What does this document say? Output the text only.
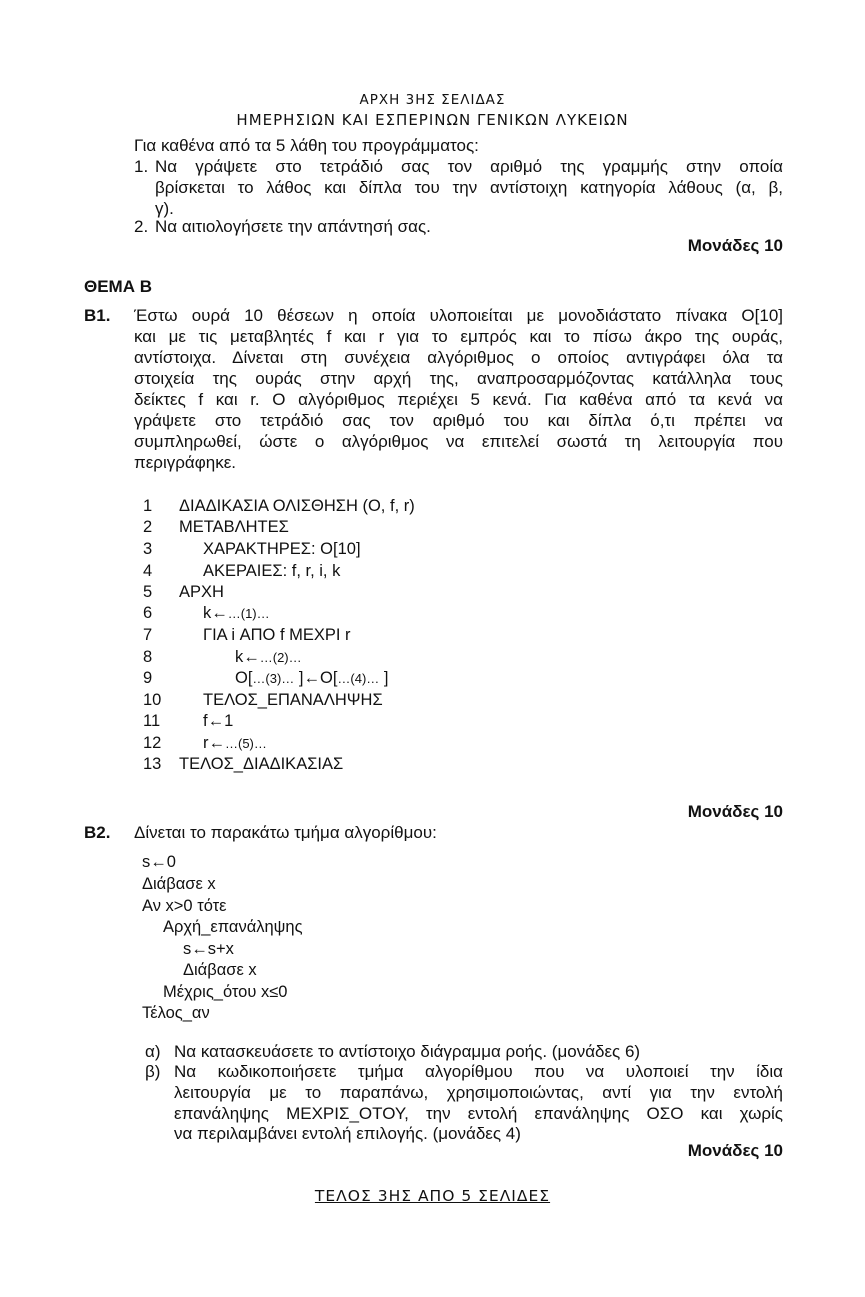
ΑΡΧΗ 3ΗΣ ΣΕΛΙΔΑΣ
ΗΜΕΡΗΣΙΩΝ ΚΑΙ ΕΣΠΕΡΙΝΩΝ ΓΕΝΙΚΩΝ ΛΥΚΕΙΩΝ
Για καθένα από τα 5 λάθη του προγράμματος:
1. Να γράψετε στο τετράδιό σας τον αριθμό της γραμμής στην οποία
βρίσκεται το λάθος και δίπλα του την αντίστοιχη κατηγορία λάθους (α, β,
γ).
2. Να αιτιολογήσετε την απάντησή σας.
Μονάδες 10
ΘΕΜΑ Β
Β1. Έστω ουρά 10 θέσεων η οποία υλοποιείται με μονοδιάστατο πίνακα Ο[10]
και με τις μεταβλητές f και r για το εμπρός και το πίσω άκρο της ουράς,
αντίστοιχα. Δίνεται στη συνέχεια αλγόριθμος ο οποίος αντιγράφει όλα τα
στοιχεία της ουράς στην αρχή της, αναπροσαρμόζοντας κατάλληλα τους
δείκτες f και r. Ο αλγόριθμος περιέχει 5 κενά. Για καθένα από τα κενά να
γράψετε στο τετράδιό σας τον αριθμό του και δίπλα ό,τι πρέπει να
συμπληρωθεί, ώστε ο αλγόριθμος να επιτελεί σωστά τη λειτουργία που
περιγράφηκε.
1 ΔΙΑΔΙΚΑΣΙΑ ΟΛΙΣΘΗΣΗ (Ο, f, r)
2 ΜΕΤΑΒΛΗΤΕΣ
3	ΧΑΡΑΚΤΗΡΕΣ: Ο[10]
4	ΑΚΕΡΑΙΕΣ: f, r, i, k
5 ΑΡΧΗ
6	k←…(1)…
7	ΓΙΑ i ΑΠΟ f ΜΕΧΡΙ r
8	k←…(2)…
9	O[…(3)… ]←O[…(4)… ]
10	ΤΕΛΟΣ_ΕΠΑΝΑΛΗΨΗΣ
11	f←1
12	r←…(5)…
13 ΤΕΛΟΣ_ΔΙΑΔΙΚΑΣΙΑΣ
Μονάδες 10
Β2. Δίνεται το παρακάτω τμήμα αλγορίθμου:
s←0
Διάβασε x
Αν x>0 τότε
Αρχή_επανάληψης
s←s+x
Διάβασε x
Μέχρις_ότου x≤0
Τέλος_αν
α) Να κατασκευάσετε το αντίστοιχο διάγραμμα ροής. (μονάδες 6)
β) Να κωδικοποιήσετε τμήμα αλγορίθμου που να υλοποιεί την ίδια
λειτουργία με το παραπάνω, χρησιμοποιώντας, αντί για την εντολή
επανάληψης ΜΕΧΡΙΣ_ΟΤΟΥ, την εντολή επανάληψης ΟΣΟ και χωρίς
να περιλαμβάνει εντολή επιλογής. (μονάδες 4)
Μονάδες 10
ΤΕΛΟΣ 3ΗΣ ΑΠΟ 5 ΣΕΛΙΔΕΣ
